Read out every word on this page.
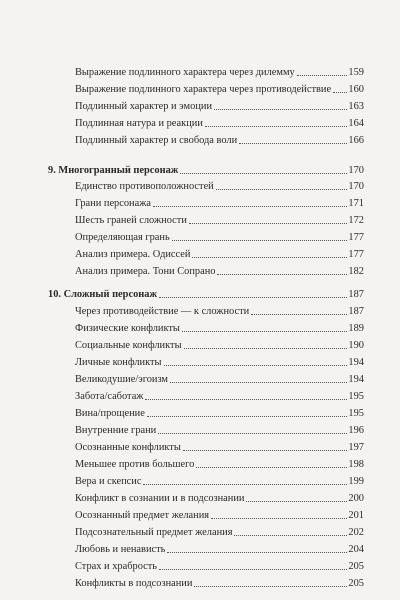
Выражение подлинного характера через дилемму	159
Выражение подлинного характера через противодействие 160
Подлинный характер и эмоции	163
Подлинная натура и реакции	164
Подлинный характер и свобода воли	166
9. Многогранный персонаж	170
Единство противоположностей	170
Грани персонажа	171
Шесть граней сложности	172
Определяющая грань	177
Анализ примера. Одиссей	177
Анализ примера. Тони Сопрано	182
10. Сложный персонаж	187
Через противодействие — к сложности	187
Физические конфликты	189
Социальные конфликты	190
Личные конфликты	194
Великодушие/эгоизм	194
Забота/саботаж	195
Вина/прощение	195
Внутренние грани	196
Осознанные конфликты	197
Меньшее против большего	198
Вера и скепсис	199
Конфликт в сознании и в подсознании	200
Осознанный предмет желания	201
Подсознательный предмет желания	202
Любовь и ненависть	204
Страх и храбрость	205
Конфликты в подсознании	205
